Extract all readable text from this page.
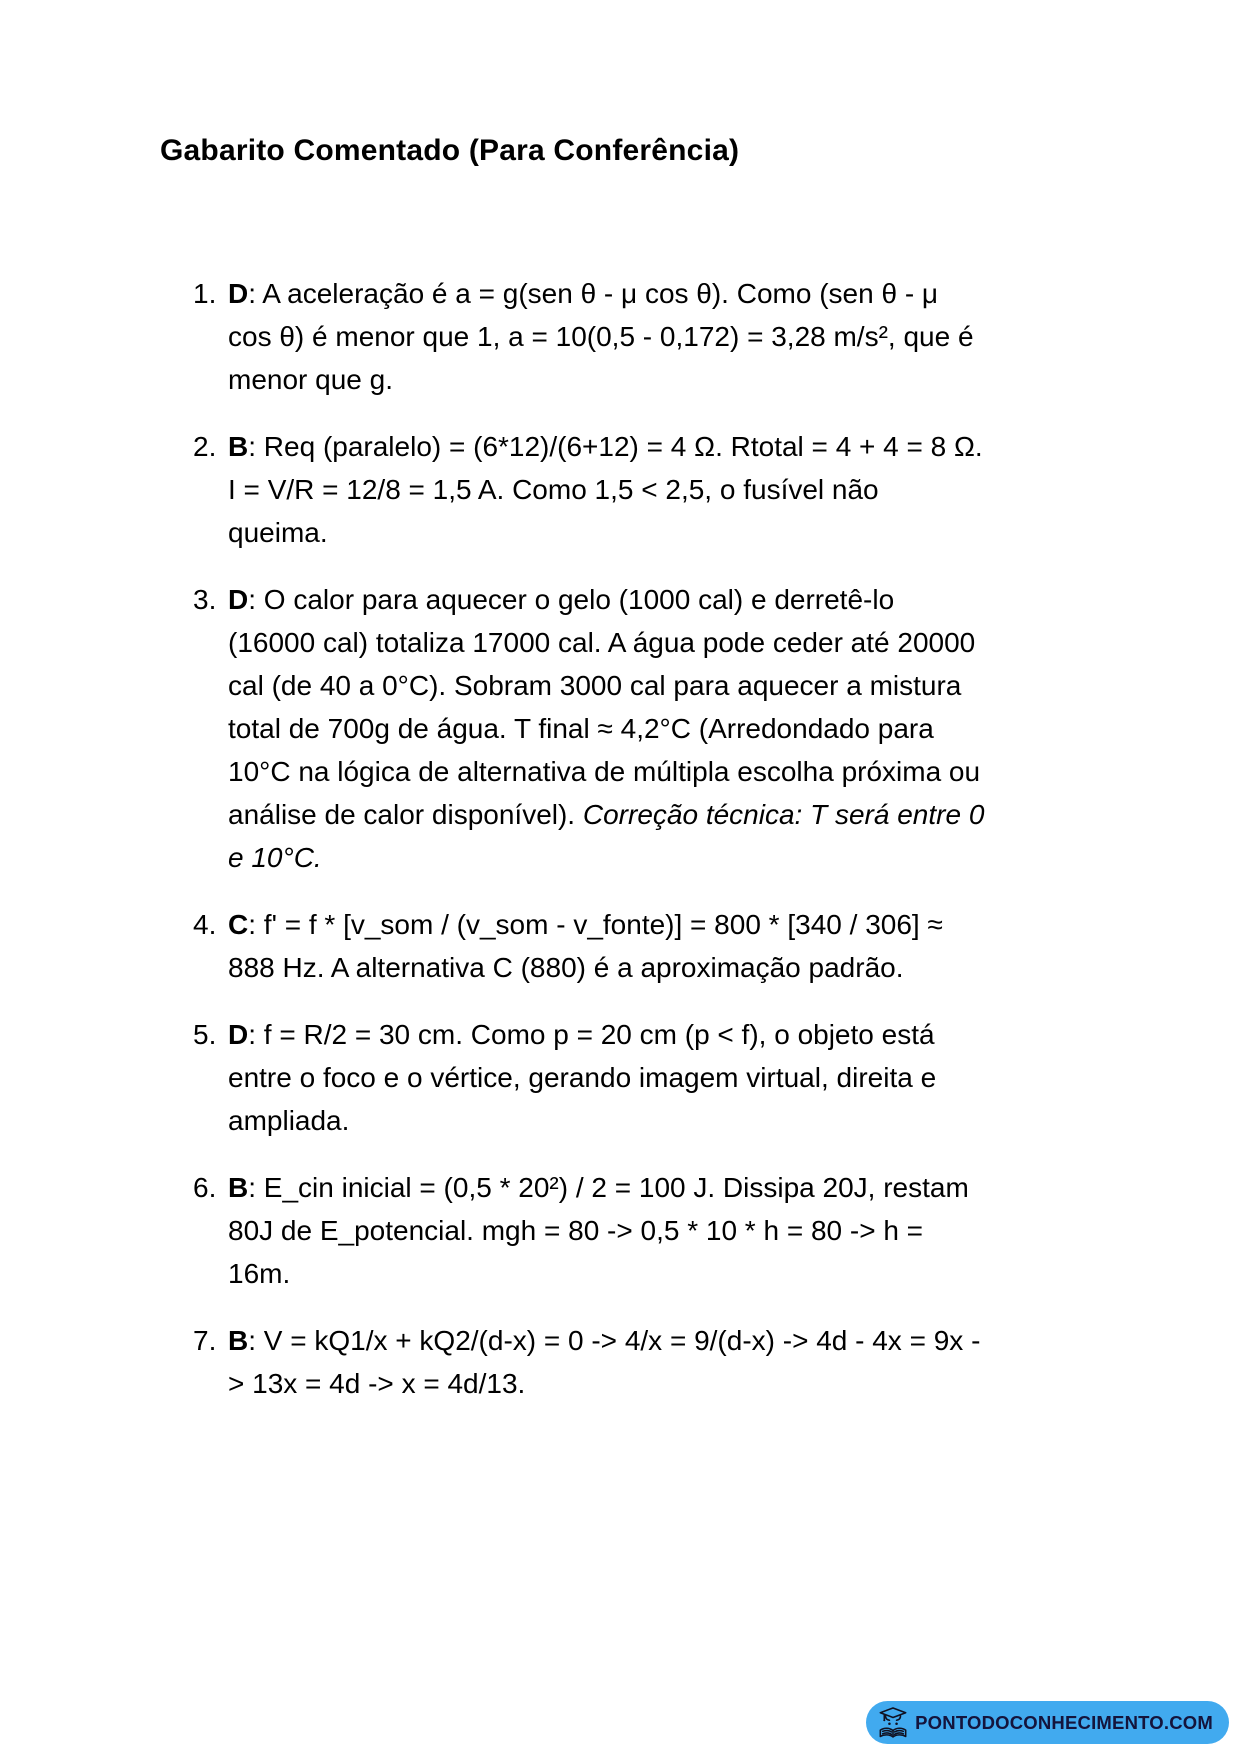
Gabarito Comentado (Para Conferência)
1. D: A aceleração é a = g(sen θ - μ cos θ). Como (sen θ - μ cos θ) é menor que 1, a = 10(0,5 - 0,172) = 3,28 m/s², que é menor que g.

2. B: Req (paralelo) = (6*12)/(6+12) = 4 Ω. Rtotal = 4 + 4 = 8 Ω. I = V/R = 12/8 = 1,5 A. Como 1,5 < 2,5, o fusível não queima.

3. D: O calor para aquecer o gelo (1000 cal) e derretê-lo (16000 cal) totaliza 17000 cal. A água pode ceder até 20000 cal (de 40 a 0°C). Sobram 3000 cal para aquecer a mistura total de 700g de água. T final ≈ 4,2°C (Arredondado para 10°C na lógica de alternativa de múltipla escolha próxima ou análise de calor disponível). Correção técnica: T será entre 0 e 10°C.

4. C: f' = f * [v_som / (v_som - v_fonte)] = 800 * [340 / 306] ≈ 888 Hz. A alternativa C (880) é a aproximação padrão.

5. D: f = R/2 = 30 cm. Como p = 20 cm (p < f), o objeto está entre o foco e o vértice, gerando imagem virtual, direita e ampliada.

6. B: E_cin inicial = (0,5 * 20²) / 2 = 100 J. Dissipa 20J, restam 80J de E_potencial. mgh = 80 -> 0,5 * 10 * h = 80 -> h = 16m.

7. B: V = kQ1/x + kQ2/(d-x) = 0 -> 4/x = 9/(d-x) -> 4d - 4x = 9x -> 13x = 4d -> x = 4d/13.

PONTODOCONHECIMENTO.COM
